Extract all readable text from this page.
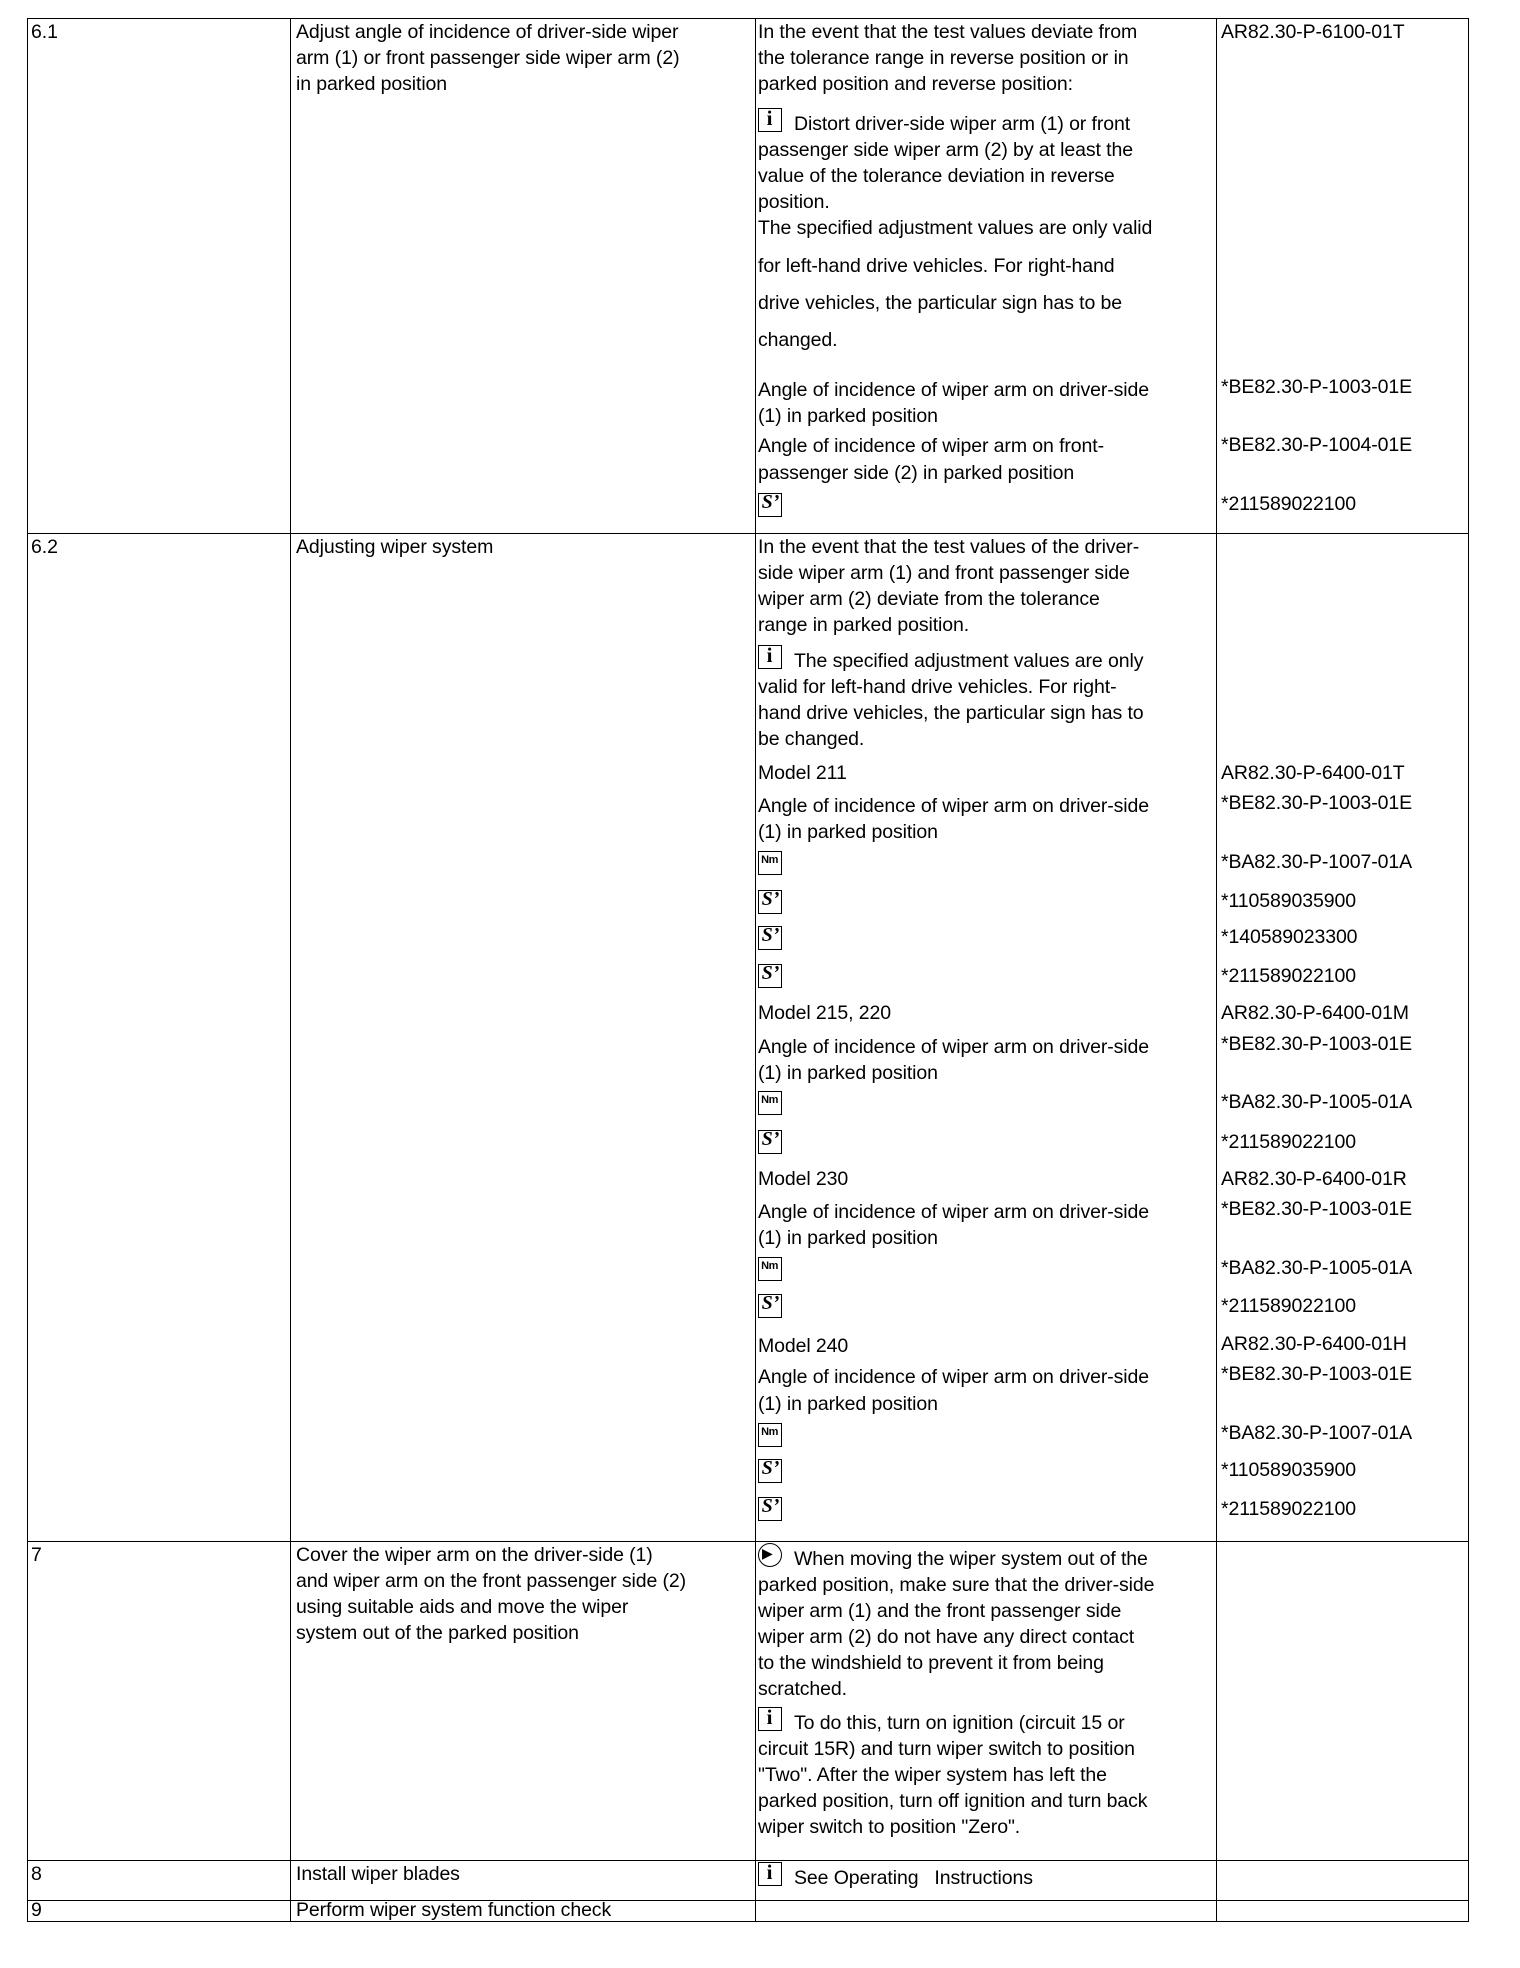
6.1	Adjust angle of incidence of driver-side wiper
arm (1) or front passenger side wiper arm (2)
in parked position
In the event that the test values deviate from
the tolerance range in reverse position or in
parked position and reverse position:
i
Distort driver-side wiper arm (1) or front
passenger side wiper arm (2) by at least the
value of the tolerance deviation in reverse
position.
The specified adjustment values are only valid
for left-hand drive vehicles. For right-hand
drive vehicles, the particular sign has to be
changed.
Angle of incidence of wiper arm on driver-side
(1) in parked position
Angle of incidence of wiper arm on front-
passenger side (2) in parked position
S’
AR82.30-P-6100-01T
*BE82.30-P-1003-01E
*BE82.30-P-1004-01E
*211589022100
6.2	Adjusting wiper system	In the event that the test values of the driver-
side wiper arm (1) and front passenger side
wiper arm (2) deviate from the tolerance
range in parked position.
i
The specified adjustment values are only
valid for left-hand drive vehicles. For right-
hand drive vehicles, the particular sign has to
be changed.
Model 211	AR82.30-P-6400-01T
Angle of incidence of wiper arm on driver-side
(1) in parked position
*BE82.30-P-1003-01E
Nm
*BA82.30-P-1007-01A
S’
*110589035900
S’
*140589023300
S’
*211589022100
Model 215, 220	AR82.30-P-6400-01M
Angle of incidence of wiper arm on driver-side
(1) in parked position
*BE82.30-P-1003-01E
Nm
*BA82.30-P-1005-01A
S’
*211589022100
Model 230	AR82.30-P-6400-01R
Angle of incidence of wiper arm on driver-side
(1) in parked position
*BE82.30-P-1003-01E
Nm
*BA82.30-P-1005-01A
S’
*211589022100
Model 240	AR82.30-P-6400-01H
Angle of incidence of wiper arm on driver-side
(1) in parked position
*BE82.30-P-1003-01E
Nm
*BA82.30-P-1007-01A
S’
*110589035900
S’
*211589022100
7	Cover the wiper arm on the driver-side (1)
and wiper arm on the front passenger side (2)
using suitable aids and move the wiper
system out of the parked position
▶
When moving the wiper system out of the
parked position, make sure that the driver-side
wiper arm (1) and the front passenger side
wiper arm (2) do not have any direct contact
to the windshield to prevent it from being
scratched.
i
To do this, turn on ignition (circuit 15 or
circuit 15R) and turn wiper switch to position
"Two". After the wiper system has left the
parked position, turn off ignition and turn back
wiper switch to position "Zero".
8	Install wiper blades
i	See Operating   Instructions
9	Perform wiper system function check
